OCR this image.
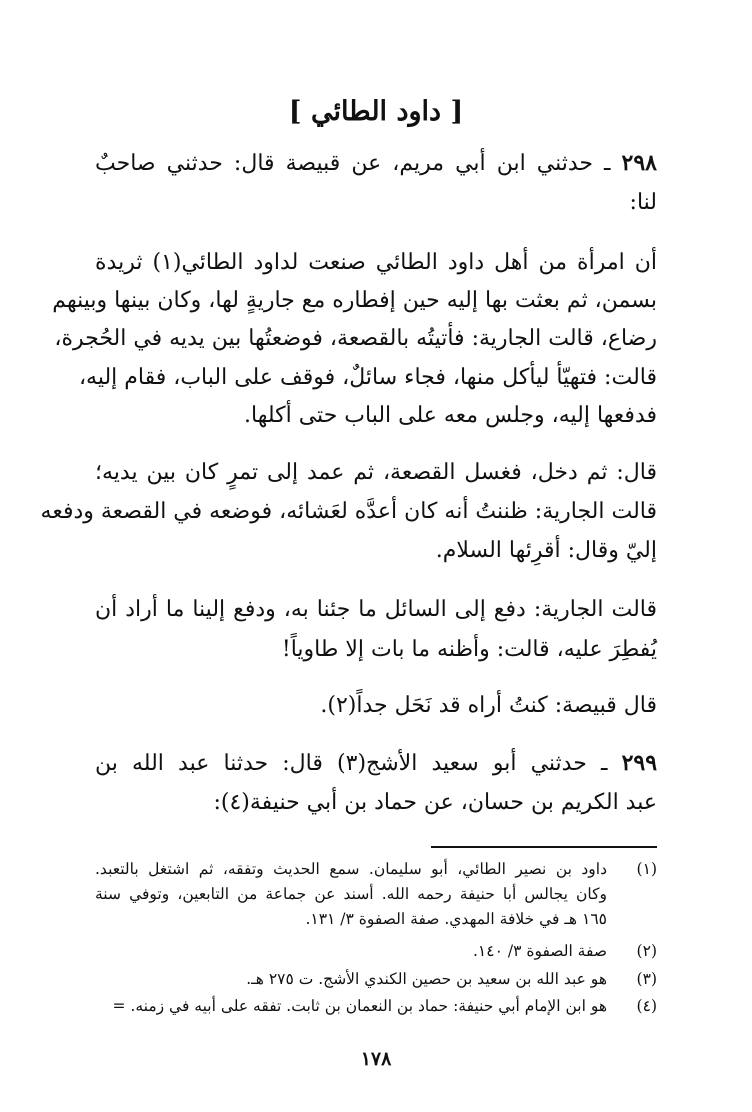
[ داود الطائي ]
٢٩٨ ـ حدثني ابن أبي مريم، عن قبيصة قال: حدثني صاحبٌ
لنا:
أن امرأة من أهل داود الطائي صنعت لداود الطائي(١) ثريدة
بسمن، ثم بعثت بها إليه حين إفطاره مع جاريةٍ لها، وكان بينها وبينهم
رضاع، قالت الجارية: فأتيتُه بالقصعة، فوضعتُها بين يديه في الحُجرة،
قالت: فتهيّأ ليأكل منها، فجاء سائلٌ، فوقف على الباب، فقام إليه،
فدفعها إليه، وجلس معه على الباب حتى أكلها.
قال: ثم دخل، فغسل القصعة، ثم عمد إلى تمرٍ كان بين يديه؛
قالت الجارية: ظننتُ أنه كان أعدَّه لعَشائه، فوضعه في القصعة ودفعه
إليّ وقال: أقرِئها السلام.
قالت الجارية: دفع إلى السائل ما جئنا به، ودفع إلينا ما أراد أن
يُفطِرَ عليه، قالت: وأظنه ما بات إلا طاوياً!
قال قبيصة: كنتُ أراه قد نَحَل جداً(٢).
٢٩٩ ـ حدثني أبو سعيد الأشج(٣) قال: حدثنا عبد الله بن
عبد الكريم بن حسان، عن حماد بن أبي حنيفة(٤):
(١)
داود بن نصير الطائي، أبو سليمان. سمع الحديث وتفقه، ثم اشتغل بالتعبد.
وكان يجالس أبا حنيفة رحمه الله. أسند عن جماعة من التابعين، وتوفي سنة
١٦٥ هـ في خلافة المهدي. صفة الصفوة ٣/ ١٣١.
(٢)
صفة الصفوة ٣/ ١٤٠.
(٣)
هو عبد الله بن سعيد بن حصين الكندي الأشج. ت ٢٧٥ هـ.
(٤)
هو ابن الإمام أبي حنيفة: حماد بن النعمان بن ثابت. تفقه على أبيه في زمنه. =
١٧٨
